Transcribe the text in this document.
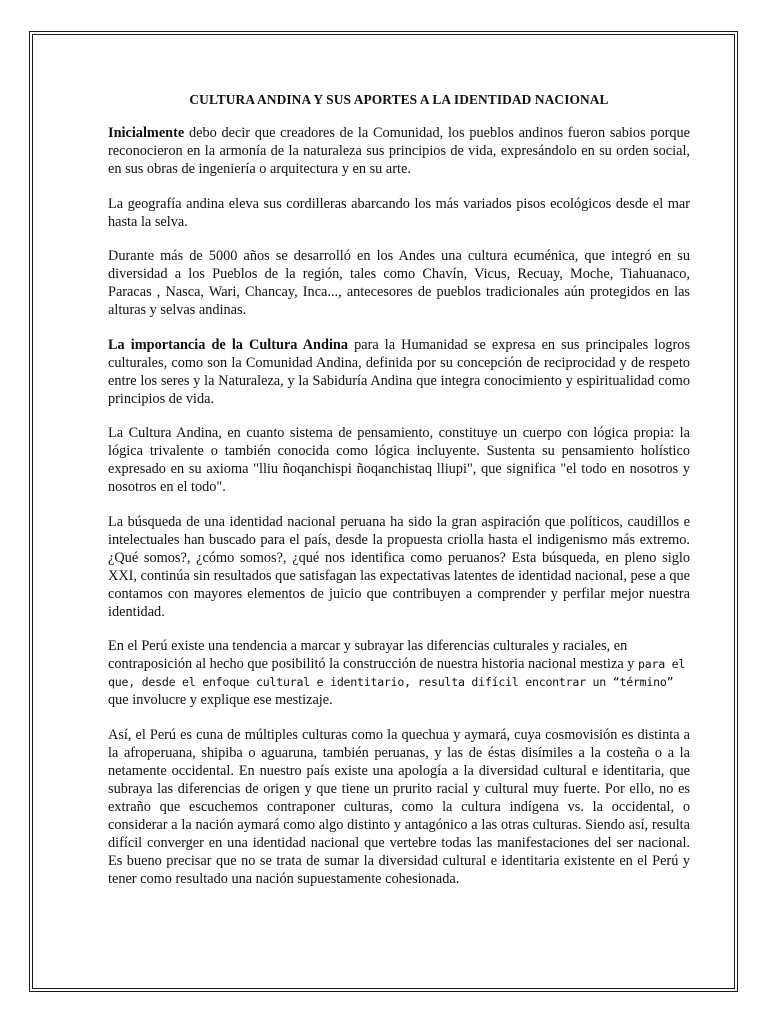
CULTURA ANDINA Y SUS APORTES A LA IDENTIDAD NACIONAL

Inicialmente debo decir que creadores de la Comunidad, los pueblos andinos fueron sabios porque reconocieron en la armonía de la naturaleza sus principios de vida, expresándolo en su orden social, en sus obras de ingeniería o arquitectura y en su arte.

La geografía andina eleva sus cordilleras abarcando los más variados pisos ecológicos desde el mar hasta la selva.

Durante más de 5000 años se desarrolló en los Andes una cultura ecuménica, que integró en su diversidad a los Pueblos de la región, tales como Chavín, Vicus, Recuay, Moche, Tiahuanaco, Paracas , Nasca, Wari, Chancay, Inca..., antecesores de pueblos tradicionales aún protegidos en las alturas y selvas andinas.

La importancia de la Cultura Andina para la Humanidad se expresa en sus principales logros culturales, como son la Comunidad Andina, definida por su concepción de reciprocidad y de respeto entre los seres y la Naturaleza, y la Sabiduría Andina que integra conocimiento y espiritualidad como principios de vida.

La Cultura Andina, en cuanto sistema de pensamiento, constituye un cuerpo con lógica propia: la lógica trivalente o también conocida como lógica incluyente. Sustenta su pensamiento holístico expresado en su axioma "lliu ñoqanchispi ñoqanchistaq lliupi", que significa "el todo en nosotros y nosotros en el todo".

La búsqueda de una identidad nacional peruana ha sido la gran aspiración que políticos, caudillos e intelectuales han buscado para el país, desde la propuesta criolla hasta el indigenismo más extremo. ¿Qué somos?, ¿cómo somos?, ¿qué nos identifica como peruanos? Esta búsqueda, en pleno siglo XXI, continúa sin resultados que satisfagan las expectativas latentes de identidad nacional, pese a que contamos con mayores elementos de juicio que contribuyen a comprender y perfilar mejor nuestra identidad.

En el Perú existe una tendencia a marcar y subrayar las diferencias culturales y raciales, en contraposición al hecho que posibilitó la construcción de nuestra historia nacional mestiza y para el que, desde el enfoque cultural e identitario, resulta difícil encontrar un “término” que involucre y explique ese mestizaje.

Así, el Perú es cuna de múltiples culturas como la quechua y aymará, cuya cosmovisión es distinta a la afroperuana, shipiba o aguaruna, también peruanas, y las de éstas disímiles a la costeña o a la netamente occidental. En nuestro país existe una apología a la diversidad cultural e identitaria, que subraya las diferencias de origen y que tiene un prurito racial y cultural muy fuerte. Por ello, no es extraño que escuchemos contraponer culturas, como la cultura indígena vs. la occidental, o considerar a la nación aymará como algo distinto y antagónico a las otras culturas. Siendo así, resulta difícil converger en una identidad nacional que vertebre todas las manifestaciones del ser nacional. Es bueno precisar que no se trata de sumar la diversidad cultural e identitaria existente en el Perú y tener como resultado una nación supuestamente cohesionada.
